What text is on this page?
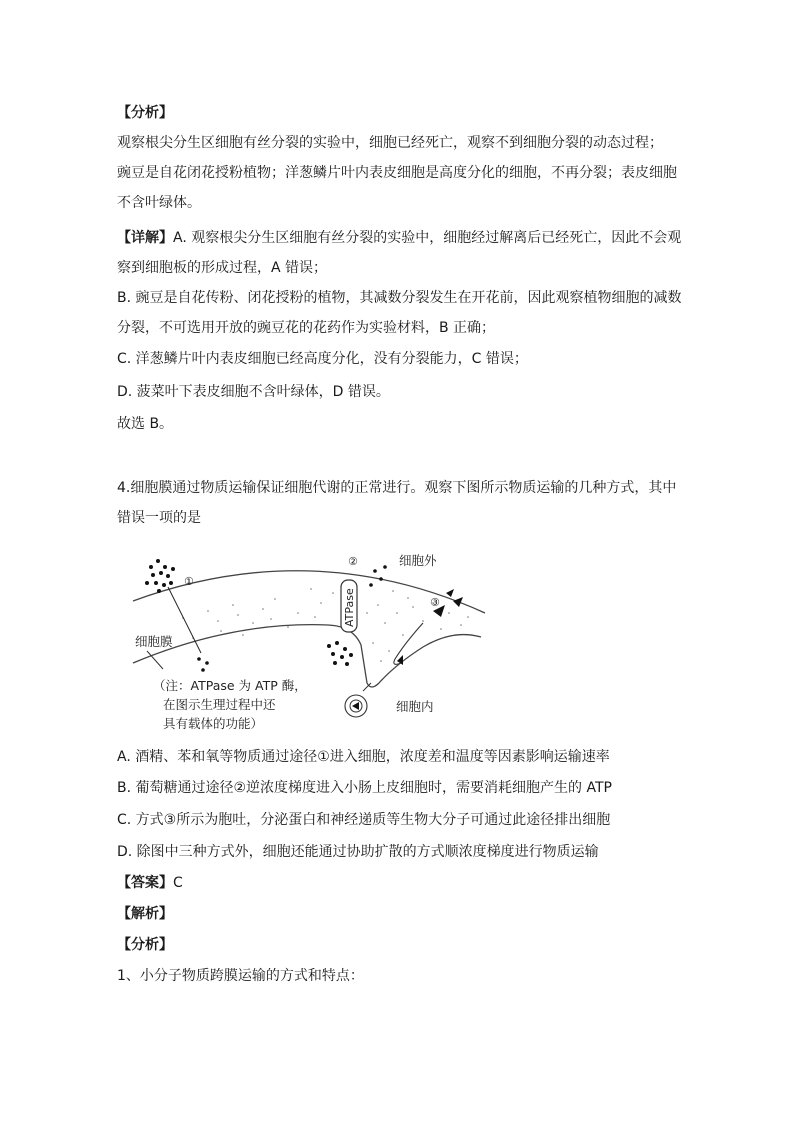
【分析】
观察根尖分生区细胞有丝分裂的实验中，细胞已经死亡，观察不到细胞分裂的动态过程；
豌豆是自花闭花授粉植物；洋葱鳞片叶内表皮细胞是高度分化的细胞，不再分裂；表皮细胞
不含叶绿体。
【详解】A. 观察根尖分生区细胞有丝分裂的实验中，细胞经过解离后已经死亡，因此不会观
察到细胞板的形成过程，A 错误；
B. 豌豆是自花传粉、闭花授粉的植物，其减数分裂发生在开花前，因此观察植物细胞的减数
分裂，不可选用开放的豌豆花的花药作为实验材料，B 正确；
C. 洋葱鳞片叶内表皮细胞已经高度分化，没有分裂能力，C 错误；
D. 菠菜叶下表皮细胞不含叶绿体，D 错误。
故选 B。
4.细胞膜通过物质运输保证细胞代谢的正常进行。观察下图所示物质运输的几种方式，其中
错误一项的是
ATPase
①
②
③
细胞外
细胞内
细胞膜
（注：ATPase 为 ATP 酶，
在图示生理过程中还
具有载体的功能）
A. 酒精、苯和氧等物质通过途径①进入细胞，浓度差和温度等因素影响运输速率
B. 葡萄糖通过途径②逆浓度梯度进入小肠上皮细胞时，需要消耗细胞产生的 ATP
C. 方式③所示为胞吐，分泌蛋白和神经递质等生物大分子可通过此途径排出细胞
D. 除图中三种方式外，细胞还能通过协助扩散的方式顺浓度梯度进行物质运输
【答案】C
【解析】
【分析】
1、小分子物质跨膜运输的方式和特点：
